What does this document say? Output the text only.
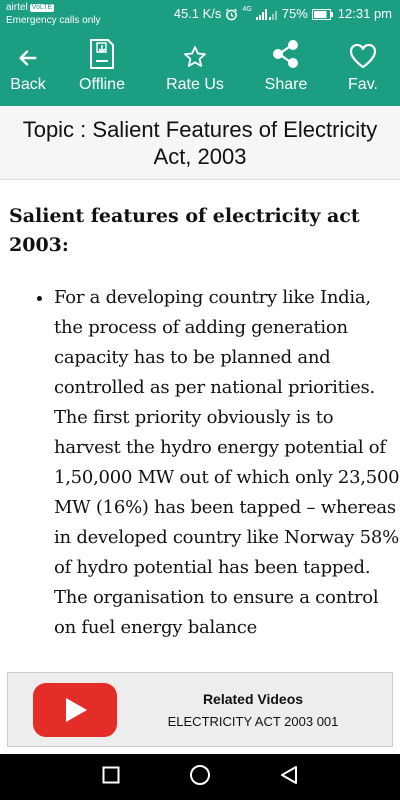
airtel VoLTE
Emergency calls only	45.1 K/s	4G 75% 12:31 pm
Back Offline	Rate Us	Share	Fav.
Topic : Salient Features of Electricity Act, 2003
Salient features of electricity act 2003:
• For a developing country like India, the process of adding generation capacity has to be planned and controlled as per national priorities. The first priority obviously is to harvest the hydro energy potential of 1,50,000 MW out of which only 23,500 MW (16%) has been tapped – whereas in developed country like Norway 58% of hydro potential has been tapped. The organisation to ensure a control on fuel energy balance
Related Videos
ELECTRICITY ACT 2003 001
